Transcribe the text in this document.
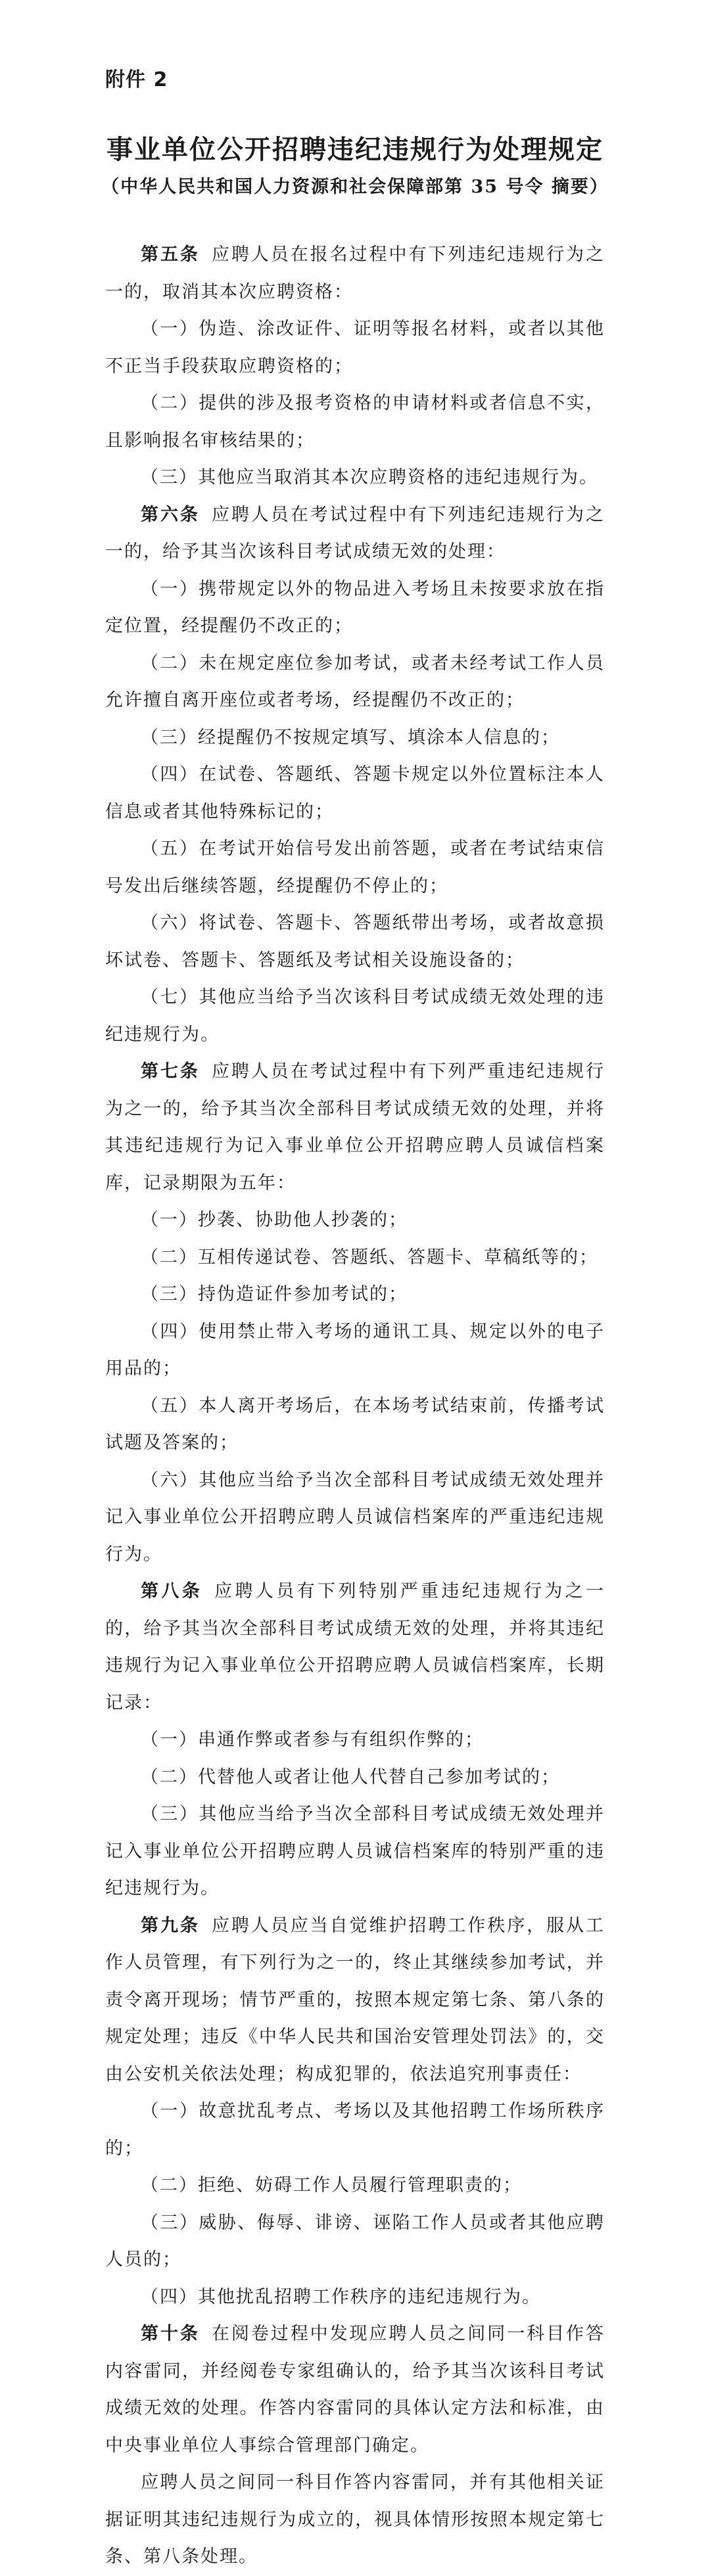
附件 2
事业单位公开招聘违纪违规行为处理规定
（中华人民共和国人力资源和社会保障部第 35 号令 摘要）

第五条 应聘人员在报名过程中有下列违纪违规行为之一的，取消其本次应聘资格：

（一）伪造、涂改证件、证明等报名材料，或者以其他不正当手段获取应聘资格的；

（二）提供的涉及报考资格的申请材料或者信息不实，且影响报名审核结果的；

（三）其他应当取消其本次应聘资格的违纪违规行为。

第六条 应聘人员在考试过程中有下列违纪违规行为之一的，给予其当次该科目考试成绩无效的处理：

（一）携带规定以外的物品进入考场且未按要求放在指定位置，经提醒仍不改正的；

（二）未在规定座位参加考试，或者未经考试工作人员允许擅自离开座位或者考场，经提醒仍不改正的；

（三）经提醒仍不按规定填写、填涂本人信息的；

（四）在试卷、答题纸、答题卡规定以外位置标注本人信息或者其他特殊标记的；

（五）在考试开始信号发出前答题，或者在考试结束信号发出后继续答题，经提醒仍不停止的；

（六）将试卷、答题卡、答题纸带出考场，或者故意损坏试卷、答题卡、答题纸及考试相关设施设备的；

（七）其他应当给予当次该科目考试成绩无效处理的违纪违规行为。

第七条 应聘人员在考试过程中有下列严重违纪违规行为之一的，给予其当次全部科目考试成绩无效的处理，并将其违纪违规行为记入事业单位公开招聘应聘人员诚信档案库，记录期限为五年：

（一）抄袭、协助他人抄袭的；

（二）互相传递试卷、答题纸、答题卡、草稿纸等的；

（三）持伪造证件参加考试的；

（四）使用禁止带入考场的通讯工具、规定以外的电子用品的；

（五）本人离开考场后，在本场考试结束前，传播考试试题及答案的；

（六）其他应当给予当次全部科目考试成绩无效处理并记入事业单位公开招聘应聘人员诚信档案库的严重违纪违规行为。

第八条 应聘人员有下列特别严重违纪违规行为之一的，给予其当次全部科目考试成绩无效的处理，并将其违纪违规行为记入事业单位公开招聘应聘人员诚信档案库，长期记录：

（一）串通作弊或者参与有组织作弊的；

（二）代替他人或者让他人代替自己参加考试的；

（三）其他应当给予当次全部科目考试成绩无效处理并记入事业单位公开招聘应聘人员诚信档案库的特别严重的违纪违规行为。

第九条 应聘人员应当自觉维护招聘工作秩序，服从工作人员管理，有下列行为之一的，终止其继续参加考试，并责令离开现场；情节严重的，按照本规定第七条、第八条的规定处理；违反《中华人民共和国治安管理处罚法》的，交由公安机关依法处理；构成犯罪的，依法追究刑事责任：

（一）故意扰乱考点、考场以及其他招聘工作场所秩序的；

（二）拒绝、妨碍工作人员履行管理职责的；

（三）威胁、侮辱、诽谤、诬陷工作人员或者其他应聘人员的；

（四）其他扰乱招聘工作秩序的违纪违规行为。

第十条 在阅卷过程中发现应聘人员之间同一科目作答内容雷同，并经阅卷专家组确认的，给予其当次该科目考试成绩无效的处理。作答内容雷同的具体认定方法和标准，由中央事业单位人事综合管理部门确定。

应聘人员之间同一科目作答内容雷同，并有其他相关证据证明其违纪违规行为成立的，视具体情形按照本规定第七条、第八条处理。
